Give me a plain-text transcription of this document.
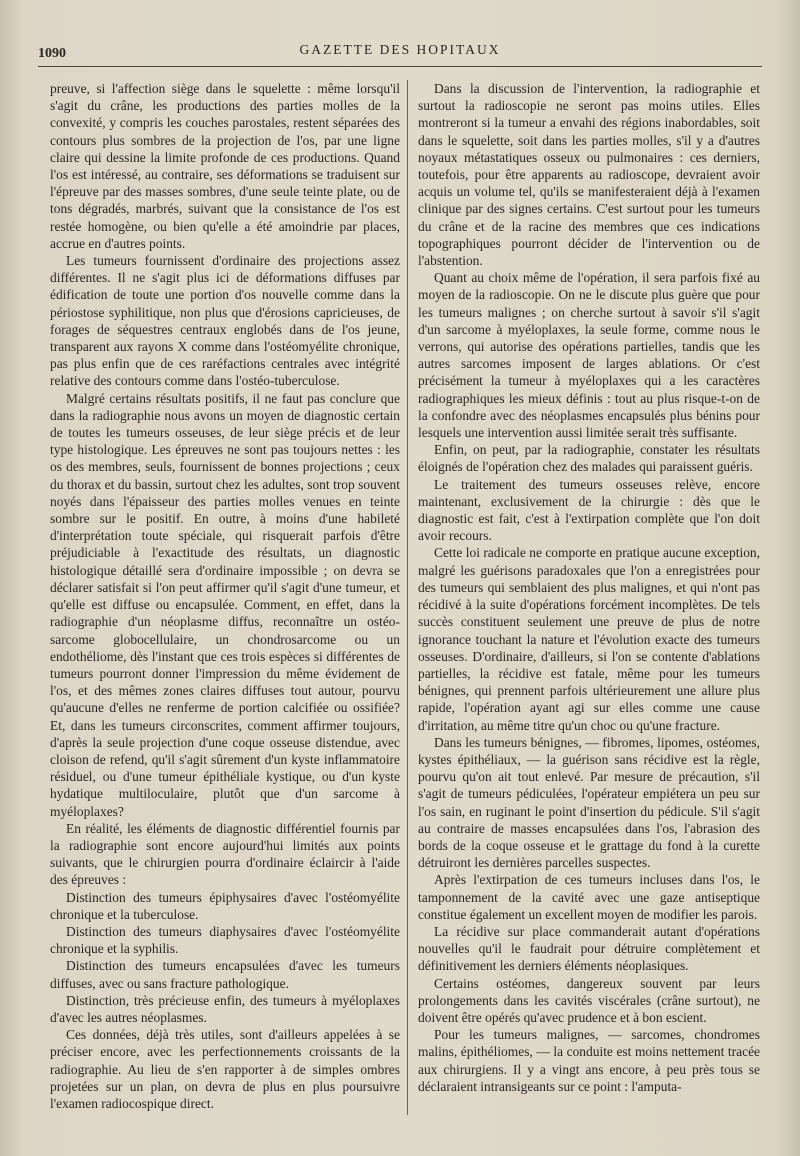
1090	GAZETTE DES HOPITAUX

preuve, si l'affection siège dans le squelette : même lorsqu'il s'agit du crâne, les productions des parties molles de la convexité, y compris les couches parostales, restent séparées des contours plus sombres de la projection de l'os, par une ligne claire qui dessine la limite profonde de ces productions. Quand l'os est intéressé, au contraire, ses déformations se traduisent sur l'épreuve par des masses sombres, d'une seule teinte plate, ou de tons dégradés, marbrés, suivant que la consistance de l'os est restée homogène, ou bien qu'elle a été amoindrie par places, accrue en d'autres points.

Les tumeurs fournissent d'ordinaire des projections assez différentes. Il ne s'agit plus ici de déformations diffuses par édification de toute une portion d'os nouvelle comme dans la périostose syphilitique, non plus que d'érosions capricieuses, de forages de séquestres centraux englobés dans de l'os jeune, transparent aux rayons X comme dans l'ostéomyélite chronique, pas plus enfin que de ces raréfactions centrales avec intégrité relative des contours comme dans l'ostéo-tuberculose.

Malgré certains résultats positifs, il ne faut pas conclure que dans la radiographie nous avons un moyen de diagnostic certain de toutes les tumeurs osseuses, de leur siège précis et de leur type histologique. Les épreuves ne sont pas toujours nettes : les os des membres, seuls, fournissent de bonnes projections ; ceux du thorax et du bassin, surtout chez les adultes, sont trop souvent noyés dans l'épaisseur des parties molles venues en teinte sombre sur le positif. En outre, à moins d'une habileté d'interprétation toute spéciale, qui risquerait parfois d'être préjudiciable à l'exactitude des résultats, un diagnostic histologique détaillé sera d'ordinaire impossible ; on devra se déclarer satisfait si l'on peut affirmer qu'il s'agit d'une tumeur, et qu'elle est diffuse ou encapsulée. Comment, en effet, dans la radiographie d'un néoplasme diffus, reconnaître un ostéo-sarcome globocellulaire, un chondrosarcome ou un endothéliome, dès l'instant que ces trois espèces si différentes de tumeurs pourront donner l'impression du même évidement de l'os, et des mêmes zones claires diffuses tout autour, pourvu qu'aucune d'elles ne renferme de portion calcifiée ou ossifiée? Et, dans les tumeurs circonscrites, comment affirmer toujours, d'après la seule projection d'une coque osseuse distendue, avec cloison de refend, qu'il s'agit sûrement d'un kyste inflammatoire résiduel, ou d'une tumeur épithéliale kystique, ou d'un kyste hydatique multiloculaire, plutôt que d'un sarcome à myéloplaxes?

En réalité, les éléments de diagnostic différentiel fournis par la radiographie sont encore aujourd'hui limités aux points suivants, que le chirurgien pourra d'ordinaire éclaircir à l'aide des épreuves :

Distinction des tumeurs épiphysaires d'avec l'ostéomyélite chronique et la tuberculose.

Distinction des tumeurs diaphysaires d'avec l'ostéomyélite chronique et la syphilis.

Distinction des tumeurs encapsulées d'avec les tumeurs diffuses, avec ou sans fracture pathologique.

Distinction, très précieuse enfin, des tumeurs à myéloplaxes d'avec les autres néoplasmes.

Ces données, déjà très utiles, sont d'ailleurs appelées à se préciser encore, avec les perfectionnements croissants de la radiographie. Au lieu de s'en rapporter à de simples ombres projetées sur un plan, on devra de plus en plus poursuivre l'examen radiocospique direct.

Dans la discussion de l'intervention, la radiographie et surtout la radioscopie ne seront pas moins utiles. Elles montreront si la tumeur a envahi des régions inabordables, soit dans le squelette, soit dans les parties molles, s'il y a d'autres noyaux métastatiques osseux ou pulmonaires : ces derniers, toutefois, pour être apparents au radioscope, devraient avoir acquis un volume tel, qu'ils se manifesteraient déjà à l'examen clinique par des signes certains. C'est surtout pour les tumeurs du crâne et de la racine des membres que ces indications topographiques pourront décider de l'intervention ou de l'abstention.

Quant au choix même de l'opération, il sera parfois fixé au moyen de la radioscopie. On ne le discute plus guère que pour les tumeurs malignes ; on cherche surtout à savoir s'il s'agit d'un sarcome à myéloplaxes, la seule forme, comme nous le verrons, qui autorise des opérations partielles, tandis que les autres sarcomes imposent de larges ablations. Or c'est précisément la tumeur à myéloplaxes qui a les caractères radiographiques les mieux définis : tout au plus risque-t-on de la confondre avec des néoplasmes encapsulés plus bénins pour lesquels une intervention aussi limitée serait très suffisante.

Enfin, on peut, par la radiographie, constater les résultats éloignés de l'opération chez des malades qui paraissent guéris.

Le traitement des tumeurs osseuses relève, encore maintenant, exclusivement de la chirurgie : dès que le diagnostic est fait, c'est à l'extirpation complète que l'on doit avoir recours.

Cette loi radicale ne comporte en pratique aucune exception, malgré les guérisons paradoxales que l'on a enregistrées pour des tumeurs qui semblaient des plus malignes, et qui n'ont pas récidivé à la suite d'opérations forcément incomplètes. De tels succès constituent seulement une preuve de plus de notre ignorance touchant la nature et l'évolution exacte des tumeurs osseuses. D'ordinaire, d'ailleurs, si l'on se contente d'ablations partielles, la récidive est fatale, même pour les tumeurs bénignes, qui prennent parfois ultérieurement une allure plus rapide, l'opération ayant agi sur elles comme une cause d'irritation, au même titre qu'un choc ou qu'une fracture.

Dans les tumeurs bénignes, — fibromes, lipomes, ostéomes, kystes épithéliaux, — la guérison sans récidive est la règle, pourvu qu'on ait tout enlevé. Par mesure de précaution, s'il s'agit de tumeurs pédiculées, l'opérateur empiétera un peu sur l'os sain, en ruginant le point d'insertion du pédicule. S'il s'agit au contraire de masses encapsulées dans l'os, l'abrasion des bords de la coque osseuse et le grattage du fond à la curette détruiront les dernières parcelles suspectes.

Après l'extirpation de ces tumeurs incluses dans l'os, le tamponnement de la cavité avec une gaze antiseptique constitue également un excellent moyen de modifier les parois.

La récidive sur place commanderait autant d'opérations nouvelles qu'il le faudrait pour détruire complètement et définitivement les derniers éléments néoplasiques.

Certains ostéomes, dangereux souvent par leurs prolongements dans les cavités viscérales (crâne surtout), ne doivent être opérés qu'avec prudence et à bon escient.

Pour les tumeurs malignes, — sarcomes, chondromes malins, épithéliomes, — la conduite est moins nettement tracée aux chirurgiens. Il y a vingt ans encore, à peu près tous se déclaraient intransigeants sur ce point : l'amputa-
